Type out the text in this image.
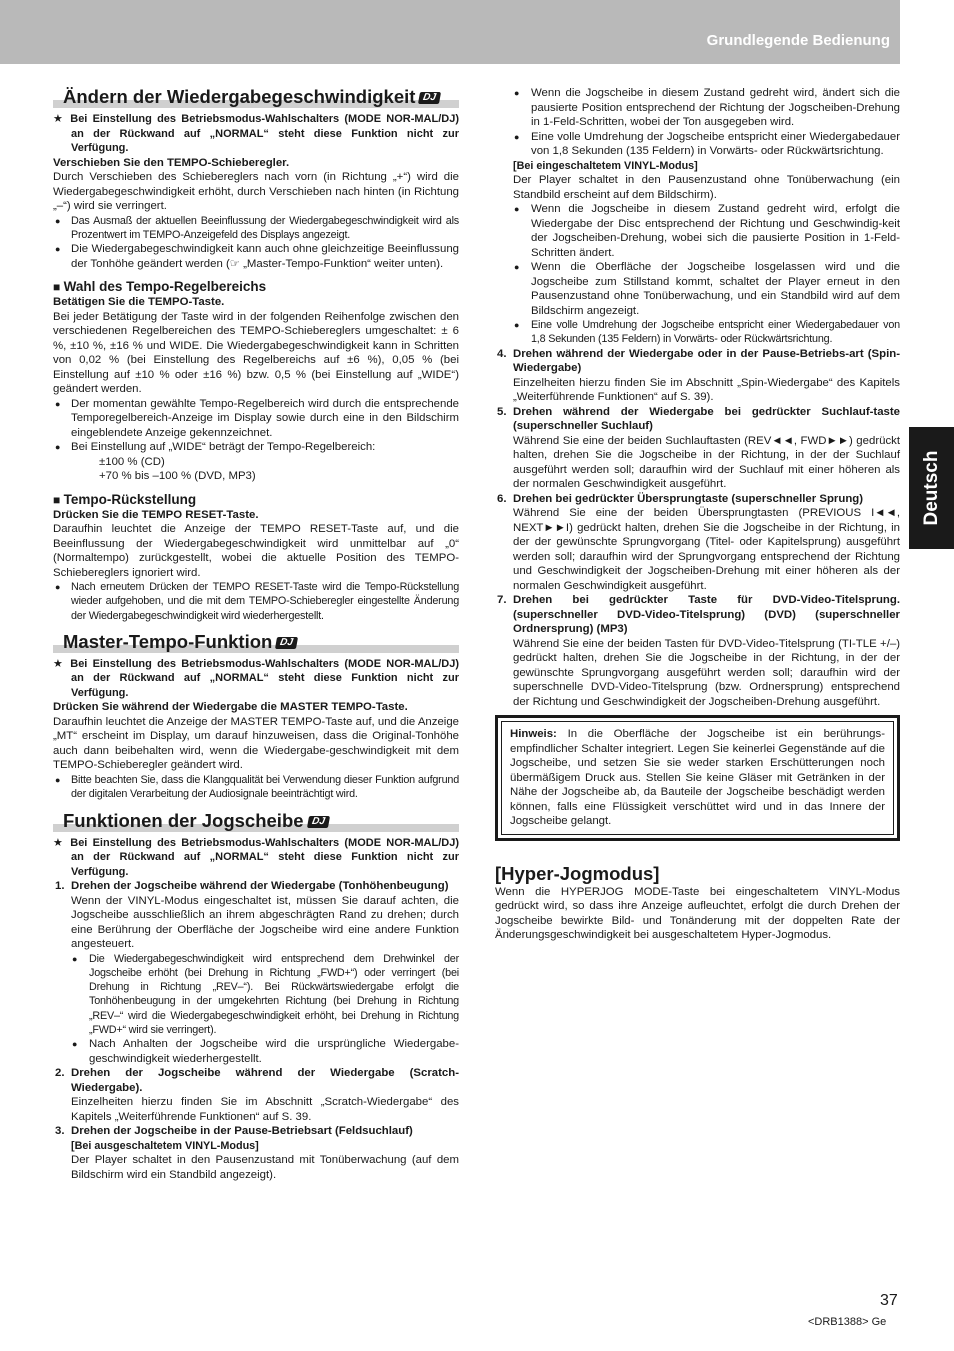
Grundlegende Bedienung
Deutsch
Ändern der Wiedergabegeschwindigkeit DJ

★ Bei Einstellung des Betriebsmodus-Wahlschalters (MODE NOR-MAL/DJ) an der Rückwand auf „NORMAL“ steht diese Funktion nicht zur Verfügung.

Verschieben Sie den TEMPO-Schieberegler.

Durch Verschieben des Schiebereglers nach vorn (in Richtung „+“) wird die Wiedergabegeschwindigkeit erhöht, durch Verschieben nach hinten (in Richtung „–“) wird sie verringert.

● Das Ausmaß der aktuellen Beeinflussung der Wiedergabegeschwindigkeit wird als Prozentwert im TEMPO-Anzeigefeld des Displays angezeigt.

● Die Wiedergabegeschwindigkeit kann auch ohne gleichzeitige Beeinflussung der Tonhöhe geändert werden (☞ „Master-Tempo-Funktion“ weiter unten).

■ Wahl des Tempo-Regelbereichs

Betätigen Sie die TEMPO-Taste.

Bei jeder Betätigung der Taste wird in der folgenden Reihenfolge zwischen den verschiedenen Regelbereichen des TEMPO-Schiebereglers umgeschaltet: ± 6 %, ±10 %, ±16 % und WIDE. Die Wiedergabegeschwindigkeit kann in Schritten von 0,02 % (bei Einstellung des Regelbereichs auf ±6 %), 0,05 % (bei Einstellung auf ±10 % oder ±16 %) bzw. 0,5 % (bei Einstellung auf „WIDE“) geändert werden.

● Der momentan gewählte Tempo-Regelbereich wird durch die entsprechende Temporegelbereich-Anzeige im Display sowie durch eine in den Bildschirm eingeblendete Anzeige gekennzeichnet.

● Bei Einstellung auf „WIDE“ beträgt der Tempo-Regelbereich:

±100 % (CD)

+70 % bis –100 % (DVD, MP3)

■ Tempo-Rückstellung

Drücken Sie die TEMPO RESET-Taste.

Daraufhin leuchtet die Anzeige der TEMPO RESET-Taste auf, und die Beeinflussung der Wiedergabegeschwindigkeit wird unmittelbar auf „0“ (Normaltempo) zurückgestellt, wobei die aktuelle Position des TEMPO-Schiebereglers ignoriert wird.

● Nach erneutem Drücken der TEMPO RESET-Taste wird die Tempo-Rückstellung wieder aufgehoben, und die mit dem TEMPO-Schieberegler eingestellte Änderung der Wiedergabegeschwindigkeit wird wiederhergestellt.

Master-Tempo-Funktion DJ

★ Bei Einstellung des Betriebsmodus-Wahlschalters (MODE NOR-MAL/DJ) an der Rückwand auf „NORMAL“ steht diese Funktion nicht zur Verfügung.

Drücken Sie während der Wiedergabe die MASTER TEMPO-Taste.

Daraufhin leuchtet die Anzeige der MASTER TEMPO-Taste auf, und die Anzeige „MT“ erscheint im Display, um darauf hinzuweisen, dass die Original-Tonhöhe auch dann beibehalten wird, wenn die Wiedergabe-geschwindigkeit mit dem TEMPO-Schieberegler geändert wird.

● Bitte beachten Sie, dass die Klangqualität bei Verwendung dieser Funktion aufgrund der digitalen Verarbeitung der Audiosignale beeinträchtigt wird.

Funktionen der Jogscheibe DJ

★ Bei Einstellung des Betriebsmodus-Wahlschalters (MODE NOR-MAL/DJ) an der Rückwand auf „NORMAL“ steht diese Funktion nicht zur Verfügung.

1. Drehen der Jogscheibe während der Wiedergabe (Tonhöhenbeugung)

Wenn der VINYL-Modus eingeschaltet ist, müssen Sie darauf achten, die Jogscheibe ausschließlich an ihrem abgeschrägten Rand zu drehen; durch eine Berührung der Oberfläche der Jogscheibe wird eine andere Funktion angesteuert.

● Die Wiedergabegeschwindigkeit wird entsprechend dem Drehwinkel der Jogscheibe erhöht (bei Drehung in Richtung „FWD+“) oder verringert (bei Drehung in Richtung „REV–“). Bei Rückwärtswiedergabe erfolgt die Tonhöhenbeugung in der umgekehrten Richtung (bei Drehung in Richtung „REV–“ wird die Wiedergabegeschwindigkeit erhöht, bei Drehung in Richtung „FWD+“ wird sie verringert).

● Nach Anhalten der Jogscheibe wird die ursprüngliche Wiedergabe-geschwindigkeit wiederhergestellt.

2. Drehen der Jogscheibe während der Wiedergabe (Scratch-Wiedergabe).

Einzelheiten hierzu finden Sie im Abschnitt „Scratch-Wiedergabe“ des Kapitels „Weiterführende Funktionen“ auf S. 39.

3. Drehen der Jogscheibe in der Pause-Betriebsart (Feldsuchlauf)

[Bei ausgeschaltetem VINYL-Modus]

Der Player schaltet in den Pausenzustand mit Tonüberwachung (auf dem Bildschirm wird ein Standbild angezeigt).

● Wenn die Jogscheibe in diesem Zustand gedreht wird, ändert sich die pausierte Position entsprechend der Richtung der Jogscheiben-Drehung in 1-Feld-Schritten, wobei der Ton ausgegeben wird.

● Eine volle Umdrehung der Jogscheibe entspricht einer Wiedergabedauer von 1,8 Sekunden (135 Feldern) in Vorwärts- oder Rückwärtsrichtung.

[Bei eingeschaltetem VINYL-Modus]

Der Player schaltet in den Pausenzustand ohne Tonüberwachung (ein Standbild erscheint auf dem Bildschirm).

● Wenn die Jogscheibe in diesem Zustand gedreht wird, erfolgt die Wiedergabe der Disc entsprechend der Richtung und Geschwindig-keit der Jogscheiben-Drehung, wobei sich die pausierte Position in 1-Feld-Schritten ändert.

● Wenn die Oberfläche der Jogscheibe losgelassen wird und die Jogscheibe zum Stillstand kommt, schaltet der Player erneut in den Pausenzustand ohne Tonüberwachung, und ein Standbild wird auf dem Bildschirm angezeigt.

● Eine volle Umdrehung der Jogscheibe entspricht einer Wiedergabedauer von 1,8 Sekunden (135 Feldern) in Vorwärts- oder Rückwärtsrichtung.

4. Drehen während der Wiedergabe oder in der Pause-Betriebs-art (Spin-Wiedergabe)

Einzelheiten hierzu finden Sie im Abschnitt „Spin-Wiedergabe“ des Kapitels „Weiterführende Funktionen“ auf S. 39).

5. Drehen während der Wiedergabe bei gedrückter Suchlauf-taste (superschneller Suchlauf)

Während Sie eine der beiden Suchlauftasten (REV◄◄, FWD►►) gedrückt halten, drehen Sie die Jogscheibe in der Richtung, in der der Suchlauf ausgeführt werden soll; daraufhin wird der Suchlauf mit einer höheren als der normalen Geschwindigkeit ausgeführt.

6. Drehen bei gedrückter Übersprungtaste (superschneller Sprung)

Während Sie eine der beiden Übersprungtasten (PREVIOUS I◄◄, NEXT►►I) gedrückt halten, drehen Sie die Jogscheibe in der Richtung, in der der gewünschte Sprungvorgang (Titel- oder Kapitelsprung) ausgeführt werden soll; daraufhin wird der Sprungvorgang entsprechend der Richtung und Geschwindigkeit der Jogscheiben-Drehung mit einer höheren als der normalen Geschwindigkeit ausgeführt.

7. Drehen bei gedrückter Taste für DVD-Video-Titelsprung. (superschneller DVD-Video-Titelsprung) (DVD) (superschneller Ordnersprung) (MP3)

Während Sie eine der beiden Tasten für DVD-Video-Titelsprung (TI-TLE +/–) gedrückt halten, drehen Sie die Jogscheibe in der Richtung, in der der gewünschte Sprungvorgang ausgeführt werden soll; daraufhin wird der superschnelle DVD-Video-Titelsprung (bzw. Ordnersprung) entsprechend der Richtung und Geschwindigkeit der Jogscheiben-Drehung ausgeführt.

Hinweis: In die Oberfläche der Jogscheibe ist ein berührungs-empfindlicher Schalter integriert. Legen Sie keinerlei Gegenstände auf die Jogscheibe, und setzen Sie sie weder starken Erschütterungen noch übermäßigem Druck aus. Stellen Sie keine Gläser mit Getränken in der Nähe der Jogscheibe ab, da Bauteile der Jogscheibe beschädigt werden können, falls eine Flüssigkeit verschüttet wird und in das Innere der Jogscheibe gelangt.

[Hyper-Jogmodus]

Wenn die HYPERJOG MODE-Taste bei eingeschaltetem VINYL-Modus gedrückt wird, so dass ihre Anzeige aufleuchtet, erfolgt die durch Drehen der Jogscheibe bewirkte Bild- und Tonänderung mit der doppelten Rate der Änderungsgeschwindigkeit bei ausgeschaltetem Hyper-Jogmodus.

37
<DRB1388> Ge
